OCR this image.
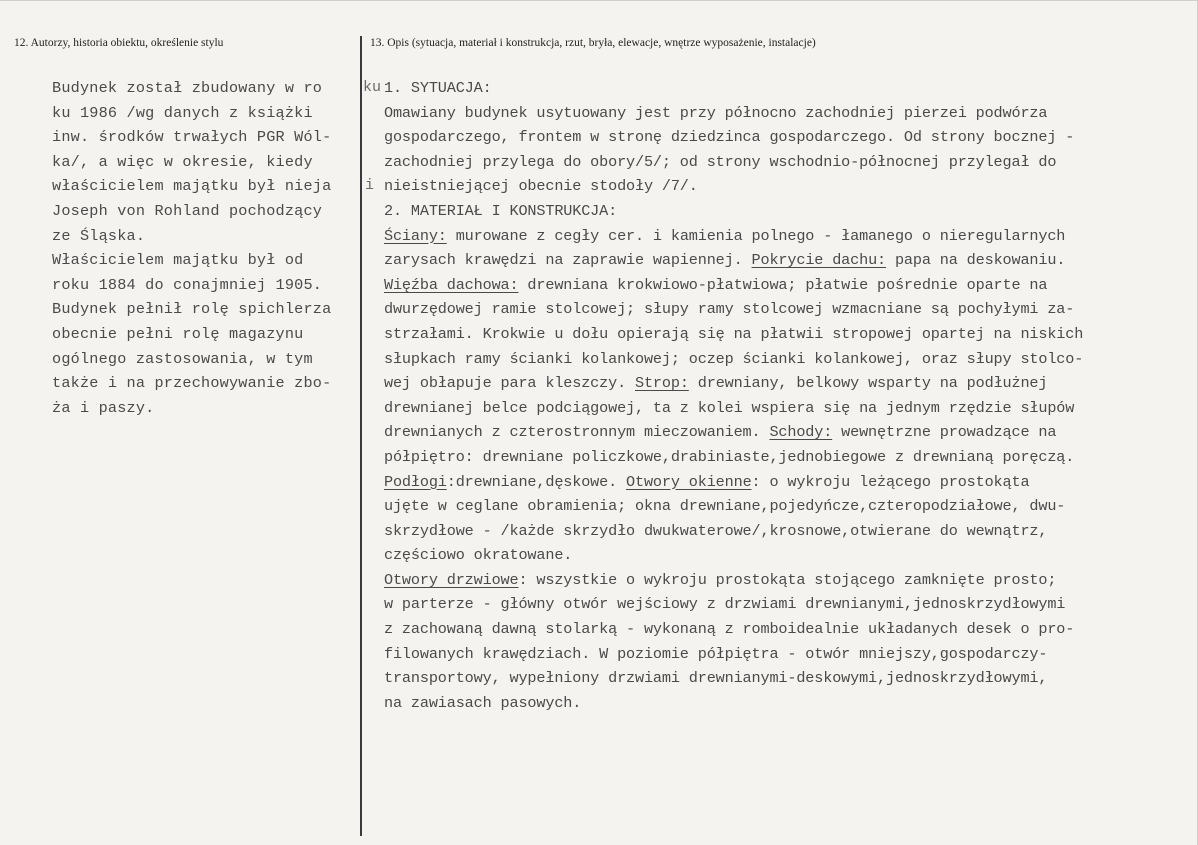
12. Autorzy, historia obiektu, określenie stylu	13. Opis (sytuacja, materiał i konstrukcja, rzut, bryła, elewacje, wnętrze wyposażenie, instalacje)
Budynek został zbudowany w ro
ku 1986 /wg danych z książki
inw. środków trwałych PGR Wól-
ka/, a więc w okresie, kiedy
właścicielem majątku był nieja
Joseph von Rohland pochodzący
ze Śląska.
Właścicielem majątku był od
roku 1884 do conajmniej 1905.
Budynek pełnił rolę spichlerza
obecnie pełni rolę magazynu
ogólnego zastosowania, w tym
także i na przechowywanie zbo-
ża i paszy.
1. SYTUACJA:
Omawiany budynek usytuowany jest przy północno zachodniej pierzei podwórza
gospodarczego, frontem w stronę dziedzinca gospodarczego. Od strony bocznej -
zachodniej przylega do obory/5/; od strony wschodnio-północnej przylegał do
nieistniejącej obecnie stodoły /7/.
2. MATERIAŁ I KONSTRUKCJA:
Ściany: murowane z cegły cer. i kamienia polnego - łamanego o nieregularnych
zarysach krawędzi na zaprawie wapiennej. Pokrycie dachu: papa na deskowaniu.
Więźba dachowa: drewniana krokwiowo-płatwiowa; płatwie pośrednie oparte na
dwurzędowej ramie stolcowej; słupy ramy stolcowej wzmacniane są pochyłymi za-
strzałami. Krokwie u dołu opierają się na płatwii stropowej opartej na niskich
słupkach ramy ścianki kolankowej; oczep ścianki kolankowej, oraz słupy stolco-
wej obłapuje para kleszczy. Strop: drewniany, belkowy wsparty na podłużnej
drewnianej belce podciągowej, ta z kolei wspiera się na jednym rzędzie słupów
drewnianych z czterostronnym mieczowaniem. Schody: wewnętrzne prowadzące na
półpiętro: drewniane policzkowe,drabiniaste,jednobiegowe z drewnianą poręczą.
Podłogi:drewniane,dęskowe. Otwory okienne: o wykroju leżącego prostokąta
ujęte w ceglane obramienia; okna drewniane,pojedyńcze,czteropodziałowe, dwu-
skrzydłowe - /każde skrzydło dwukwaterowe/,krosnowe,otwierane do wewnątrz,
częściowo okratowane.
Otwory drzwiowe: wszystkie o wykroju prostokąta stojącego zamknięte prosto;
w parterze - główny otwór wejściowy z drzwiami drewnianymi,jednoskrzydłowymi
z zachowaną dawną stolarką - wykonaną z romboidealnie układanych desek o pro-
filowanych krawędziach. W poziomie półpiętra - otwór mniejszy,gospodarczy-
transportowy, wypełniony drzwiami drewnianymi-deskowymi,jednoskrzydłowymi,
na zawiasach pasowych.
ku
i
